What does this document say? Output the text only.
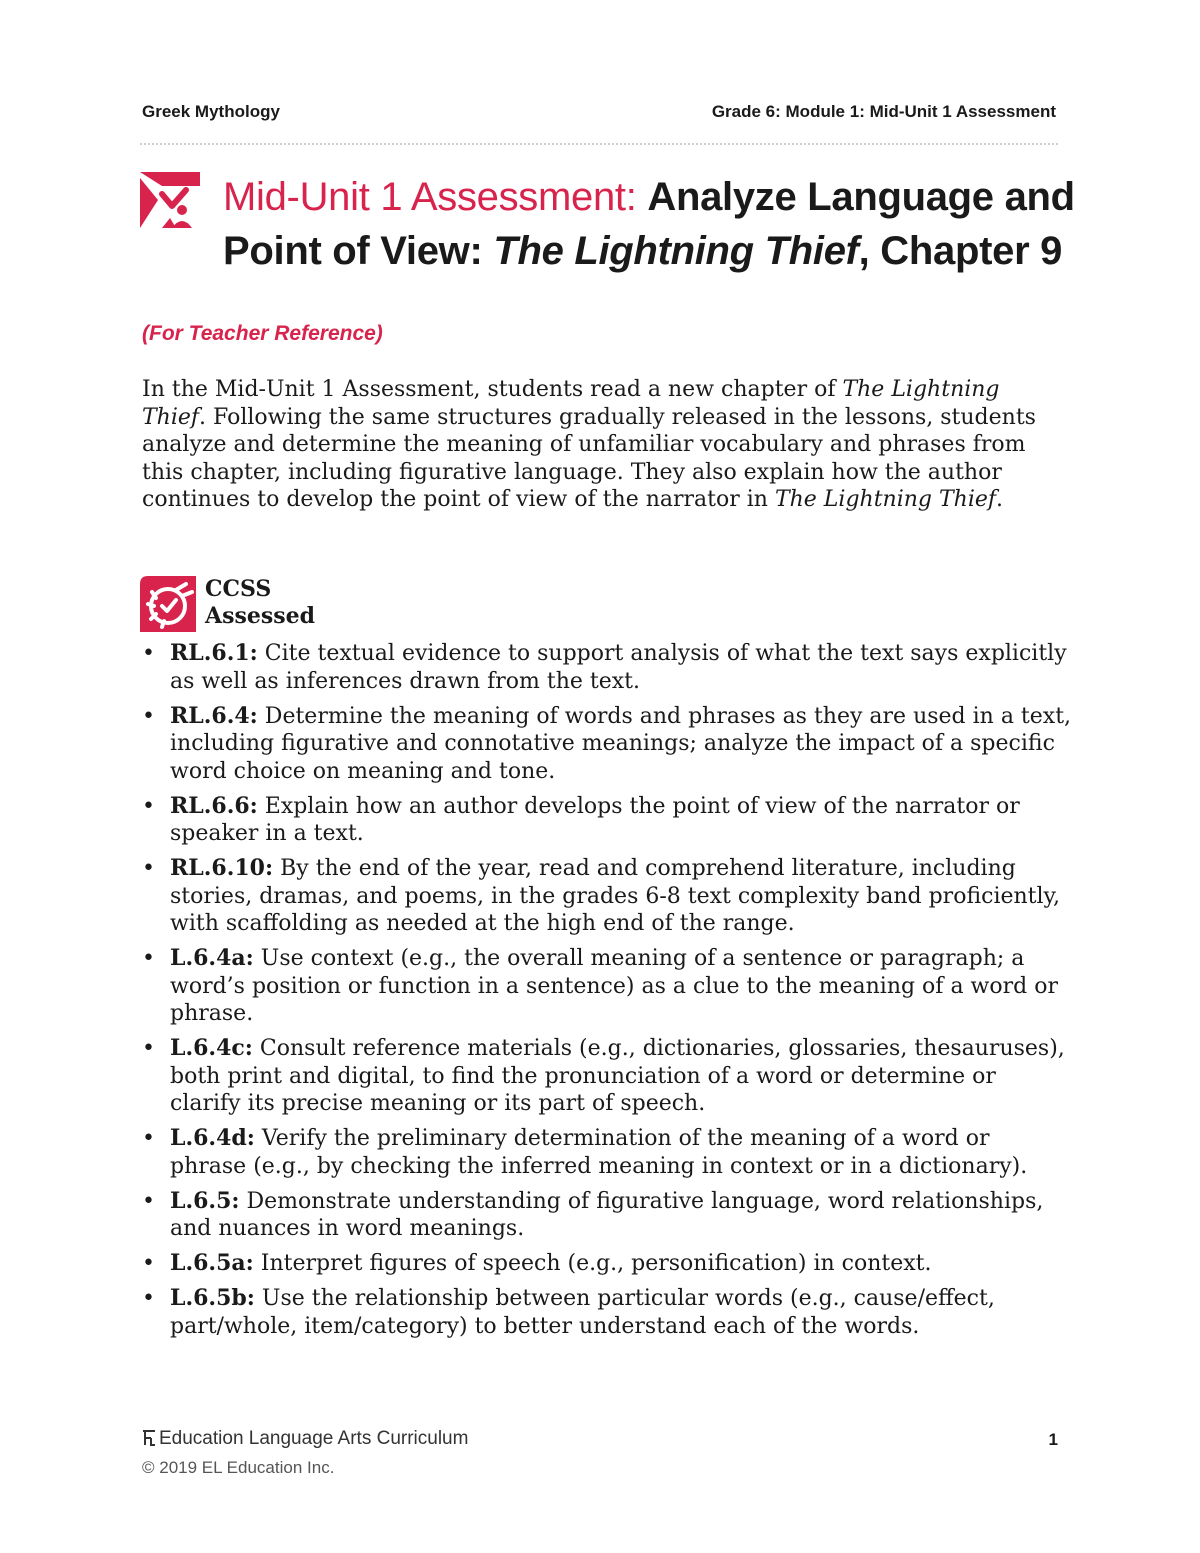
Greek Mythology	Grade 6: Module 1: Mid-Unit 1 Assessment
Mid-Unit 1 Assessment: Analyze Language and
Point of View: The Lightning Thief, Chapter 9
(For Teacher Reference)
In the Mid-Unit 1 Assessment, students read a new chapter of The Lightning Thief. Following the same structures gradually released in the lessons, students analyze and determine the meaning of unfamiliar vocabulary and phrases from this chapter, including figurative language. They also explain how the author continues to develop the point of view of the narrator in The Lightning Thief.
CCSS
Assessed
• RL.6.1: Cite textual evidence to support analysis of what the text says explicitly as well as inferences drawn from the text.
• RL.6.4: Determine the meaning of words and phrases as they are used in a text, including figurative and connotative meanings; analyze the impact of a specific word choice on meaning and tone.
• RL.6.6: Explain how an author develops the point of view of the narrator or speaker in a text.
• RL.6.10: By the end of the year, read and comprehend literature, including stories, dramas, and poems, in the grades 6-8 text complexity band proficiently, with scaffolding as needed at the high end of the range.
• L.6.4a: Use context (e.g., the overall meaning of a sentence or paragraph; a word’s position or function in a sentence) as a clue to the meaning of a word or phrase.
• L.6.4c: Consult reference materials (e.g., dictionaries, glossaries, thesauruses), both print and digital, to find the pronunciation of a word or determine or clarify its precise meaning or its part of speech.
• L.6.4d: Verify the preliminary determination of the meaning of a word or phrase (e.g., by checking the inferred meaning in context or in a dictionary).
• L.6.5: Demonstrate understanding of figurative language, word relationships, and nuances in word meanings.
• L.6.5a: Interpret figures of speech (e.g., personification) in context.
• L.6.5b: Use the relationship between particular words (e.g., cause/effect, part/whole, item/category) to better understand each of the words.
Education Language Arts Curriculum	1
© 2019 EL Education Inc.
